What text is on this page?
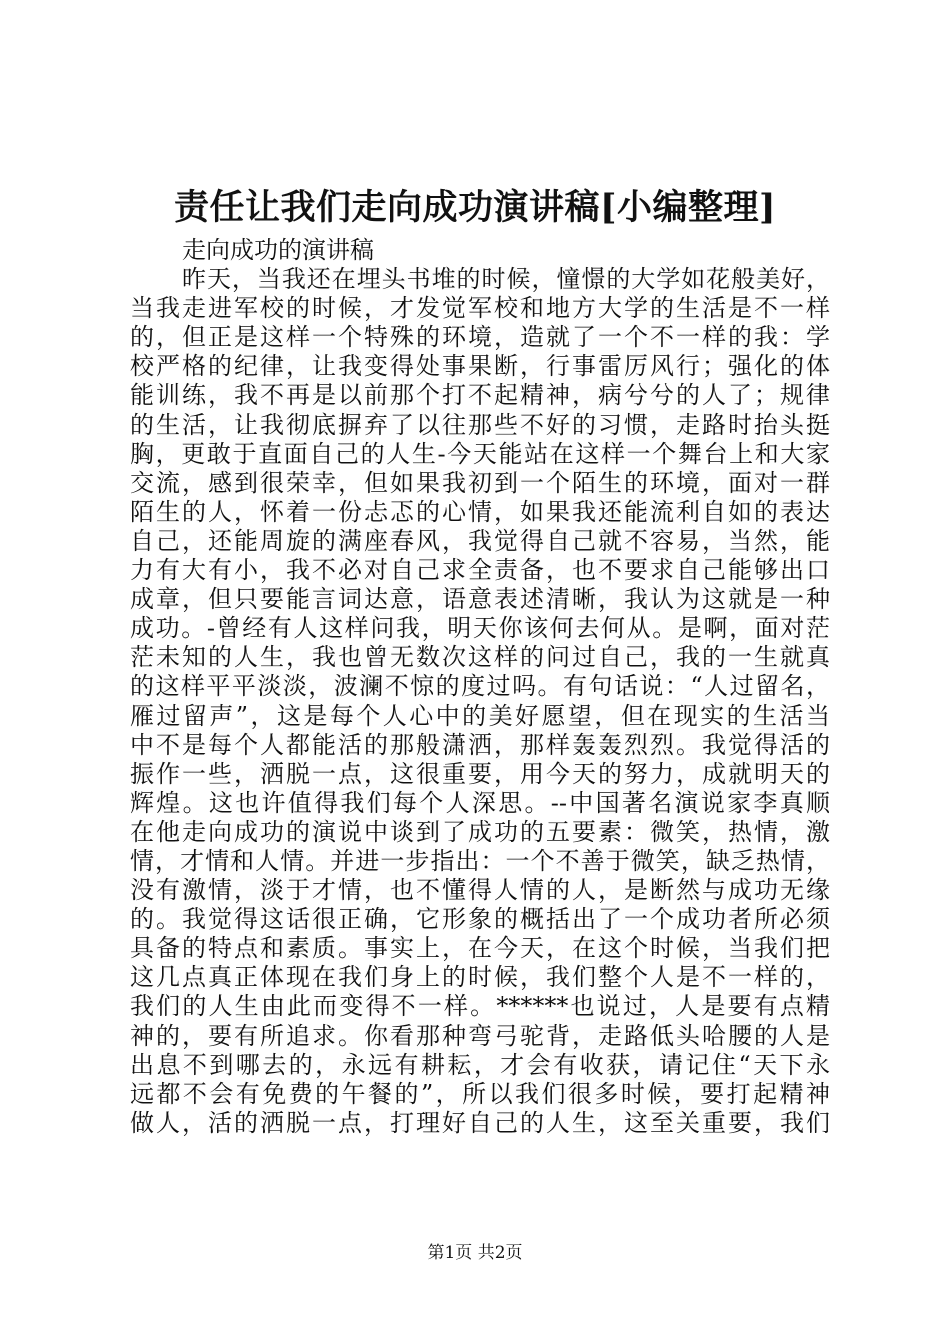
责任让我们走向成功演讲稿[小编整理]
走向成功的演讲稿
昨天，当我还在埋头书堆的时候，憧憬的大学如花般美好，
当我走进军校的时候，才发觉军校和地方大学的生活是不一样
的，但正是这样一个特殊的环境，造就了一个不一样的我：学
校严格的纪律，让我变得处事果断，行事雷厉风行；强化的体
能训练，我不再是以前那个打不起精神，病兮兮的人了；规律
的生活，让我彻底摒弃了以往那些不好的习惯，走路时抬头挺
胸，更敢于直面自己的人生-今天能站在这样一个舞台上和大家
交流，感到很荣幸，但如果我初到一个陌生的环境，面对一群
陌生的人，怀着一份忐忑的心情，如果我还能流利自如的表达
自己，还能周旋的满座春风，我觉得自己就不容易，当然，能
力有大有小，我不必对自己求全责备，也不要求自己能够出口
成章，但只要能言词达意，语意表述清晰，我认为这就是一种
成功。-曾经有人这样问我，明天你该何去何从。是啊，面对茫
茫未知的人生，我也曾无数次这样的问过自己，我的一生就真
的这样平平淡淡，波澜不惊的度过吗。有句话说：“人过留名，
雁过留声”，这是每个人心中的美好愿望，但在现实的生活当
中不是每个人都能活的那般潇洒，那样轰轰烈烈。我觉得活的
振作一些，洒脱一点，这很重要，用今天的努力，成就明天的
辉煌。这也许值得我们每个人深思。--中国著名演说家李真顺
在他走向成功的演说中谈到了成功的五要素：微笑，热情，激
情，才情和人情。并进一步指出：一个不善于微笑，缺乏热情，
没有激情，淡于才情，也不懂得人情的人，是断然与成功无缘
的。我觉得这话很正确，它形象的概括出了一个成功者所必须
具备的特点和素质。事实上，在今天，在这个时候，当我们把
这几点真正体现在我们身上的时候，我们整个人是不一样的，
我们的人生由此而变得不一样。******也说过，人是要有点精
神的，要有所追求。你看那种弯弓驼背，走路低头哈腰的人是
出息不到哪去的，永远有耕耘，才会有收获，请记住“天下永
远都不会有免费的午餐的”，所以我们很多时候，要打起精神
做人，活的洒脱一点，打理好自己的人生，这至关重要，我们
第1页 共2页
